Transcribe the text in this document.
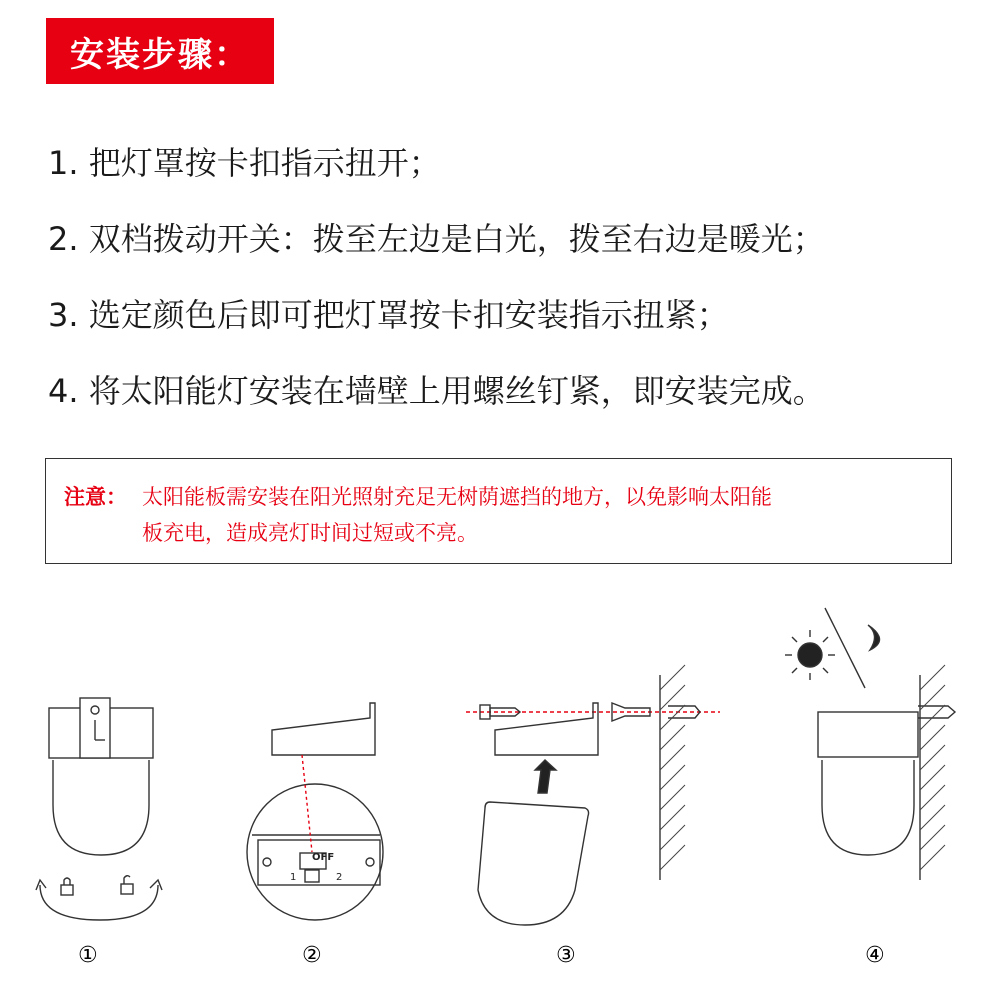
安装步骤：
1. 把灯罩按卡扣指示扭开；
2. 双档拨动开关：拨至左边是白光，拨至右边是暖光；
3. 选定颜色后即可把灯罩按卡扣安装指示扭紧；
4. 将太阳能灯安装在墙壁上用螺丝钉紧，即安装完成。
注意： 太阳能板需安装在阳光照射充足无树荫遮挡的地方，以免影响太阳能
板充电，造成亮灯时间过短或不亮。
OFF
1	2
①	②	③	④
